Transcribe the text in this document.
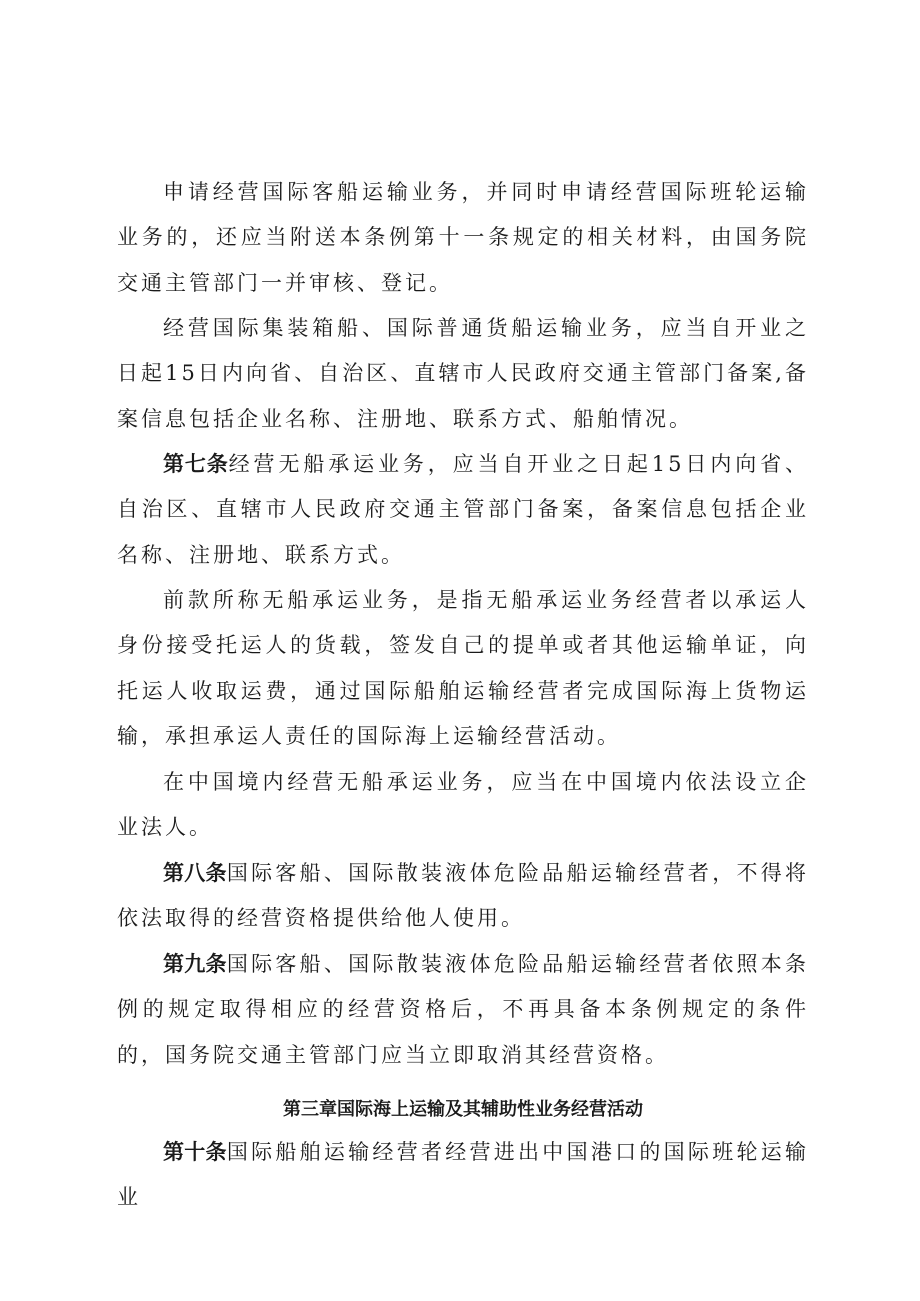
申请经营国际客船运输业务，并同时申请经营国际班轮运输业务的，还应当附送本条例第十一条规定的相关材料，由国务院交通主管部门一并审核、登记。

经营国际集装箱船、国际普通货船运输业务，应当自开业之日起15日内向省、自治区、直辖市人民政府交通主管部门备案,备案信息包括企业名称、注册地、联系方式、船舶情况。

第七条经营无船承运业务，应当自开业之日起15日内向省、自治区、直辖市人民政府交通主管部门备案，备案信息包括企业名称、注册地、联系方式。

前款所称无船承运业务，是指无船承运业务经营者以承运人身份接受托运人的货载，签发自己的提单或者其他运输单证，向托运人收取运费，通过国际船舶运输经营者完成国际海上货物运输，承担承运人责任的国际海上运输经营活动。

在中国境内经营无船承运业务，应当在中国境内依法设立企业法人。

第八条国际客船、国际散装液体危险品船运输经营者，不得将依法取得的经营资格提供给他人使用。

第九条国际客船、国际散装液体危险品船运输经营者依照本条例的规定取得相应的经营资格后，不再具备本条例规定的条件的，国务院交通主管部门应当立即取消其经营资格。

第三章国际海上运输及其辅助性业务经营活动

第十条国际船舶运输经营者经营进出中国港口的国际班轮运输业
